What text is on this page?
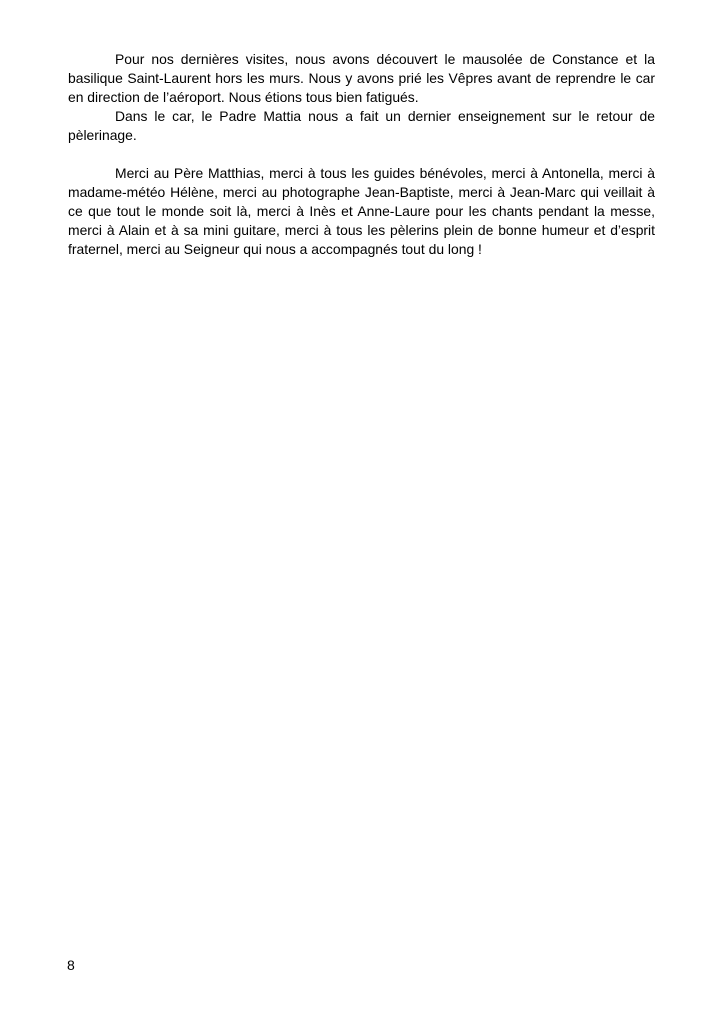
Pour nos dernières visites, nous avons découvert le mausolée de Constance et la basilique Saint-Laurent hors les murs. Nous y avons prié les Vêpres avant de reprendre le car en direction de l’aéroport. Nous étions tous bien fatigués.

Dans le car, le Padre Mattia nous a fait un dernier enseignement sur le retour de pèlerinage.

Merci au Père Matthias, merci à tous les guides bénévoles, merci à Antonella, merci à madame-météo Hélène, merci au photographe Jean-Baptiste, merci à Jean-Marc qui veillait à ce que tout le monde soit là, merci à Inès et Anne-Laure pour les chants pendant la messe, merci à Alain et à sa mini guitare, merci à tous les pèlerins plein de bonne humeur et d’esprit fraternel, merci au Seigneur qui nous a accompagnés tout du long !

8
